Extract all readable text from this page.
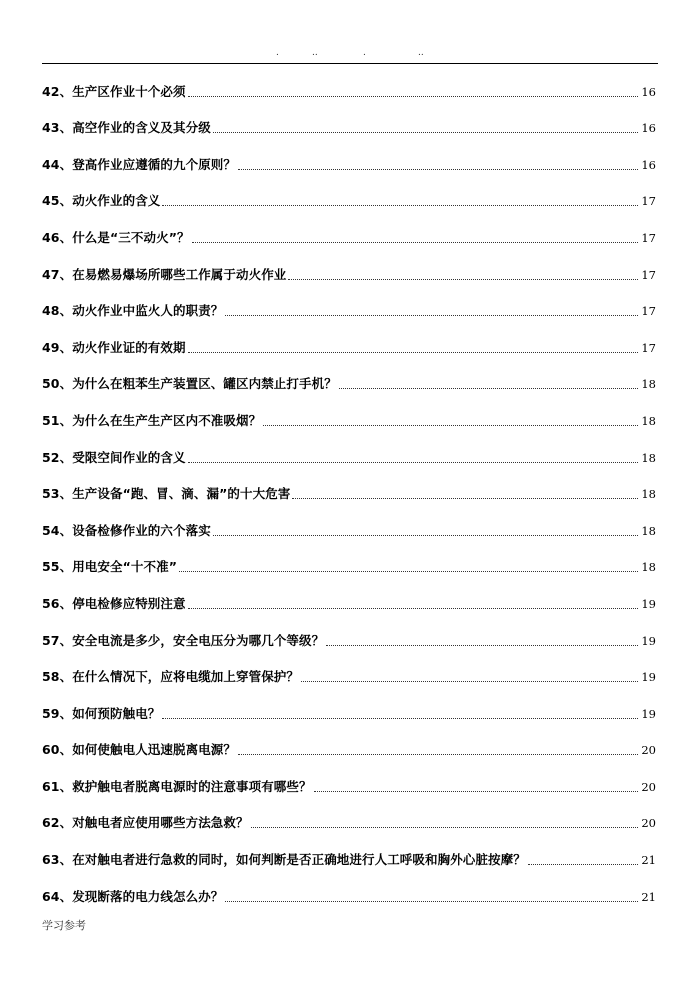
.	..	.	..
42、生产区作业十个必须	16
43、高空作业的含义及其分级	16
44、登高作业应遵循的九个原则？	16
45、动火作业的含义	17
46、什么是“三不动火”？	17
47、在易燃易爆场所哪些工作属于动火作业	17
48、动火作业中监火人的职责？	17
49、动火作业证的有效期	17
50、为什么在粗苯生产装置区、罐区内禁止打手机？	18
51、为什么在生产生产区内不准吸烟？	18
52、受限空间作业的含义	18
53、生产设备“跑、冒、滴、漏”的十大危害	18
54、设备检修作业的六个落实	18
55、用电安全“十不准”	18
56、停电检修应特别注意	19
57、安全电流是多少，安全电压分为哪几个等级？	19
58、在什么情况下，应将电缆加上穿管保护？	19
59、如何预防触电？	19
60、如何使触电人迅速脱离电源？	20
61、救护触电者脱离电源时的注意事项有哪些？	20
62、对触电者应使用哪些方法急救？	20
63、在对触电者进行急救的同时，如何判断是否正确地进行人工呼吸和胸外心脏按摩？	21
64、发现断落的电力线怎么办？	21
学习参考
